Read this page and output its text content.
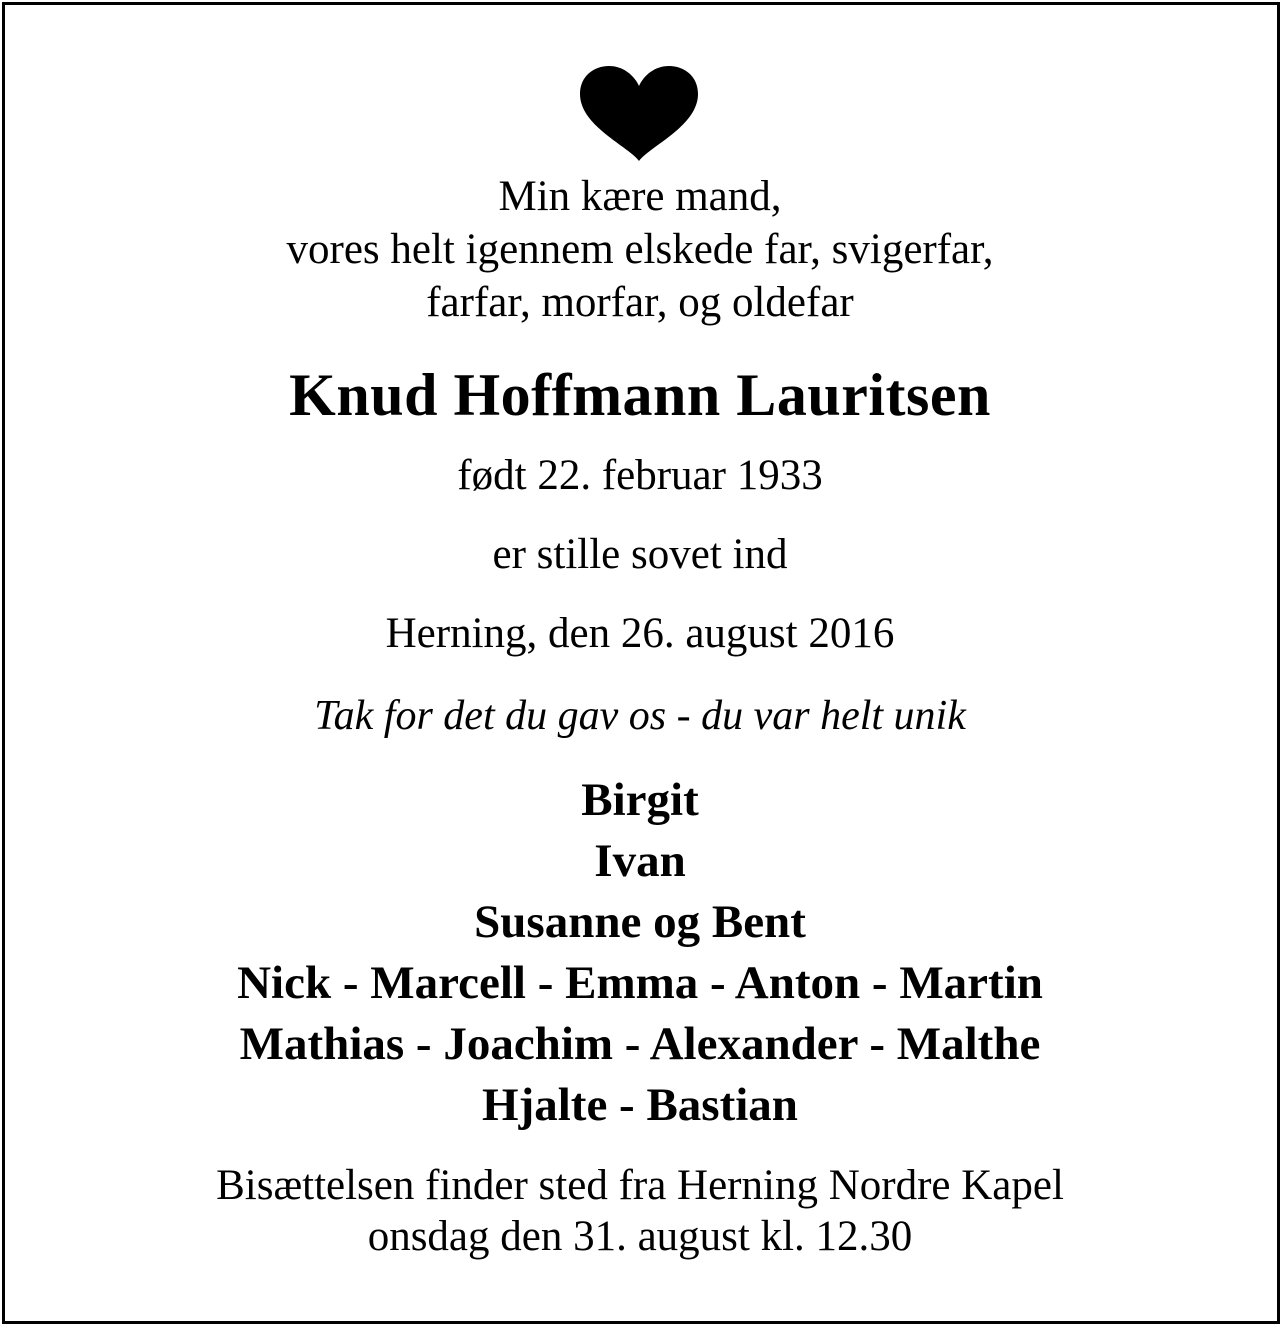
Min kære mand,
vores helt igennem elskede far, svigerfar,
farfar, morfar, og oldefar
Knud Hoffmann Lauritsen
født 22. februar 1933
er stille sovet ind
Herning, den 26. august 2016
Tak for det du gav os - du var helt unik
Birgit
Ivan
Susanne og Bent
Nick - Marcell - Emma - Anton - Martin
Mathias - Joachim - Alexander - Malthe
Hjalte - Bastian
Bisættelsen finder sted fra Herning Nordre Kapel
onsdag den 31. august kl. 12.30
